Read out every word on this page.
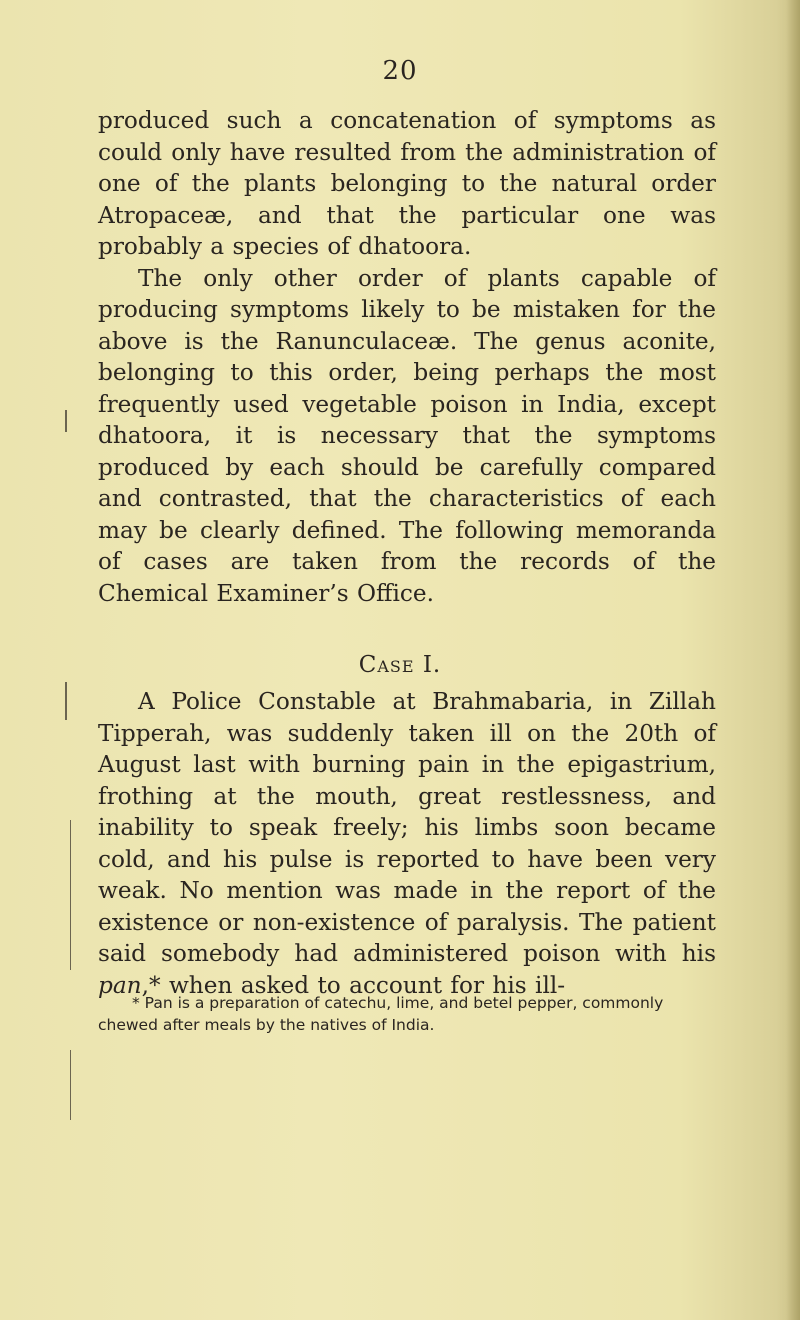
20

produced such a concatenation of symptoms as could only have resulted from the administration of one of the plants belonging to the natural order Atropaceæ, and that the particular one was probably a species of dhatoora.

The only other order of plants capable of producing symptoms likely to be mistaken for the above is the Ranunculaceæ. The genus aconite, belonging to this order, being perhaps the most frequently used vegetable poison in India, except dhatoora, it is necessary that the symptoms produced by each should be carefully compared and contrasted, that the characteristics of each may be clearly defined. The following memoranda of cases are taken from the records of the Chemical Examiner’s Office.

Case I.

A Police Constable at Brahmabaria, in Zillah Tipperah, was suddenly taken ill on the 20th of August last with burning pain in the epigastrium, frothing at the mouth, great restlessness, and inability to speak freely; his limbs soon became cold, and his pulse is reported to have been very weak. No mention was made in the report of the existence or non-existence of paralysis. The patient said somebody had administered poison with his pan,* when asked to account for his ill-

* Pan is a preparation of catechu, lime, and betel pepper, commonly chewed after meals by the natives of India.
